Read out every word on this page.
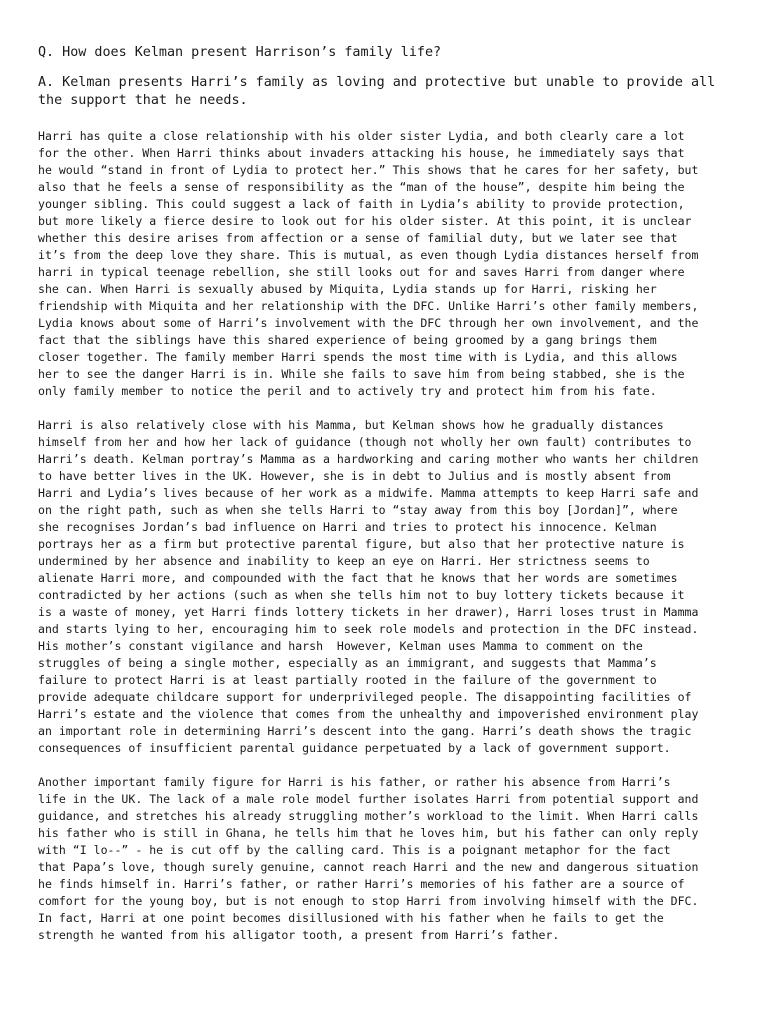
Q. How does Kelman present Harrison’s family life?

A. Kelman presents Harri’s family as loving and protective but unable to provide all
the support that he needs.

Harri has quite a close relationship with his older sister Lydia, and both clearly care a lot
for the other. When Harri thinks about invaders attacking his house, he immediately says that
he would “stand in front of Lydia to protect her.” This shows that he cares for her safety, but
also that he feels a sense of responsibility as the “man of the house”, despite him being the
younger sibling. This could suggest a lack of faith in Lydia’s ability to provide protection,
but more likely a fierce desire to look out for his older sister. At this point, it is unclear
whether this desire arises from affection or a sense of familial duty, but we later see that
it’s from the deep love they share. This is mutual, as even though Lydia distances herself from
harri in typical teenage rebellion, she still looks out for and saves Harri from danger where
she can. When Harri is sexually abused by Miquita, Lydia stands up for Harri, risking her
friendship with Miquita and her relationship with the DFC. Unlike Harri’s other family members,
Lydia knows about some of Harri’s involvement with the DFC through her own involvement, and the
fact that the siblings have this shared experience of being groomed by a gang brings them
closer together. The family member Harri spends the most time with is Lydia, and this allows
her to see the danger Harri is in. While she fails to save him from being stabbed, she is the
only family member to notice the peril and to actively try and protect him from his fate.

Harri is also relatively close with his Mamma, but Kelman shows how he gradually distances
himself from her and how her lack of guidance (though not wholly her own fault) contributes to
Harri’s death. Kelman portray’s Mamma as a hardworking and caring mother who wants her children
to have better lives in the UK. However, she is in debt to Julius and is mostly absent from
Harri and Lydia’s lives because of her work as a midwife. Mamma attempts to keep Harri safe and
on the right path, such as when she tells Harri to “stay away from this boy [Jordan]”, where
she recognises Jordan’s bad influence on Harri and tries to protect his innocence. Kelman
portrays her as a firm but protective parental figure, but also that her protective nature is
undermined by her absence and inability to keep an eye on Harri. Her strictness seems to
alienate Harri more, and compounded with the fact that he knows that her words are sometimes
contradicted by her actions (such as when she tells him not to buy lottery tickets because it
is a waste of money, yet Harri finds lottery tickets in her drawer), Harri loses trust in Mamma
and starts lying to her, encouraging him to seek role models and protection in the DFC instead.
His mother’s constant vigilance and harsh  However, Kelman uses Mamma to comment on the
struggles of being a single mother, especially as an immigrant, and suggests that Mamma’s
failure to protect Harri is at least partially rooted in the failure of the government to
provide adequate childcare support for underprivileged people. The disappointing facilities of
Harri’s estate and the violence that comes from the unhealthy and impoverished environment play
an important role in determining Harri’s descent into the gang. Harri’s death shows the tragic
consequences of insufficient parental guidance perpetuated by a lack of government support.

Another important family figure for Harri is his father, or rather his absence from Harri’s
life in the UK. The lack of a male role model further isolates Harri from potential support and
guidance, and stretches his already struggling mother’s workload to the limit. When Harri calls
his father who is still in Ghana, he tells him that he loves him, but his father can only reply
with “I lo--” - he is cut off by the calling card. This is a poignant metaphor for the fact
that Papa’s love, though surely genuine, cannot reach Harri and the new and dangerous situation
he finds himself in. Harri’s father, or rather Harri’s memories of his father are a source of
comfort for the young boy, but is not enough to stop Harri from involving himself with the DFC.
In fact, Harri at one point becomes disillusioned with his father when he fails to get the
strength he wanted from his alligator tooth, a present from Harri’s father.
